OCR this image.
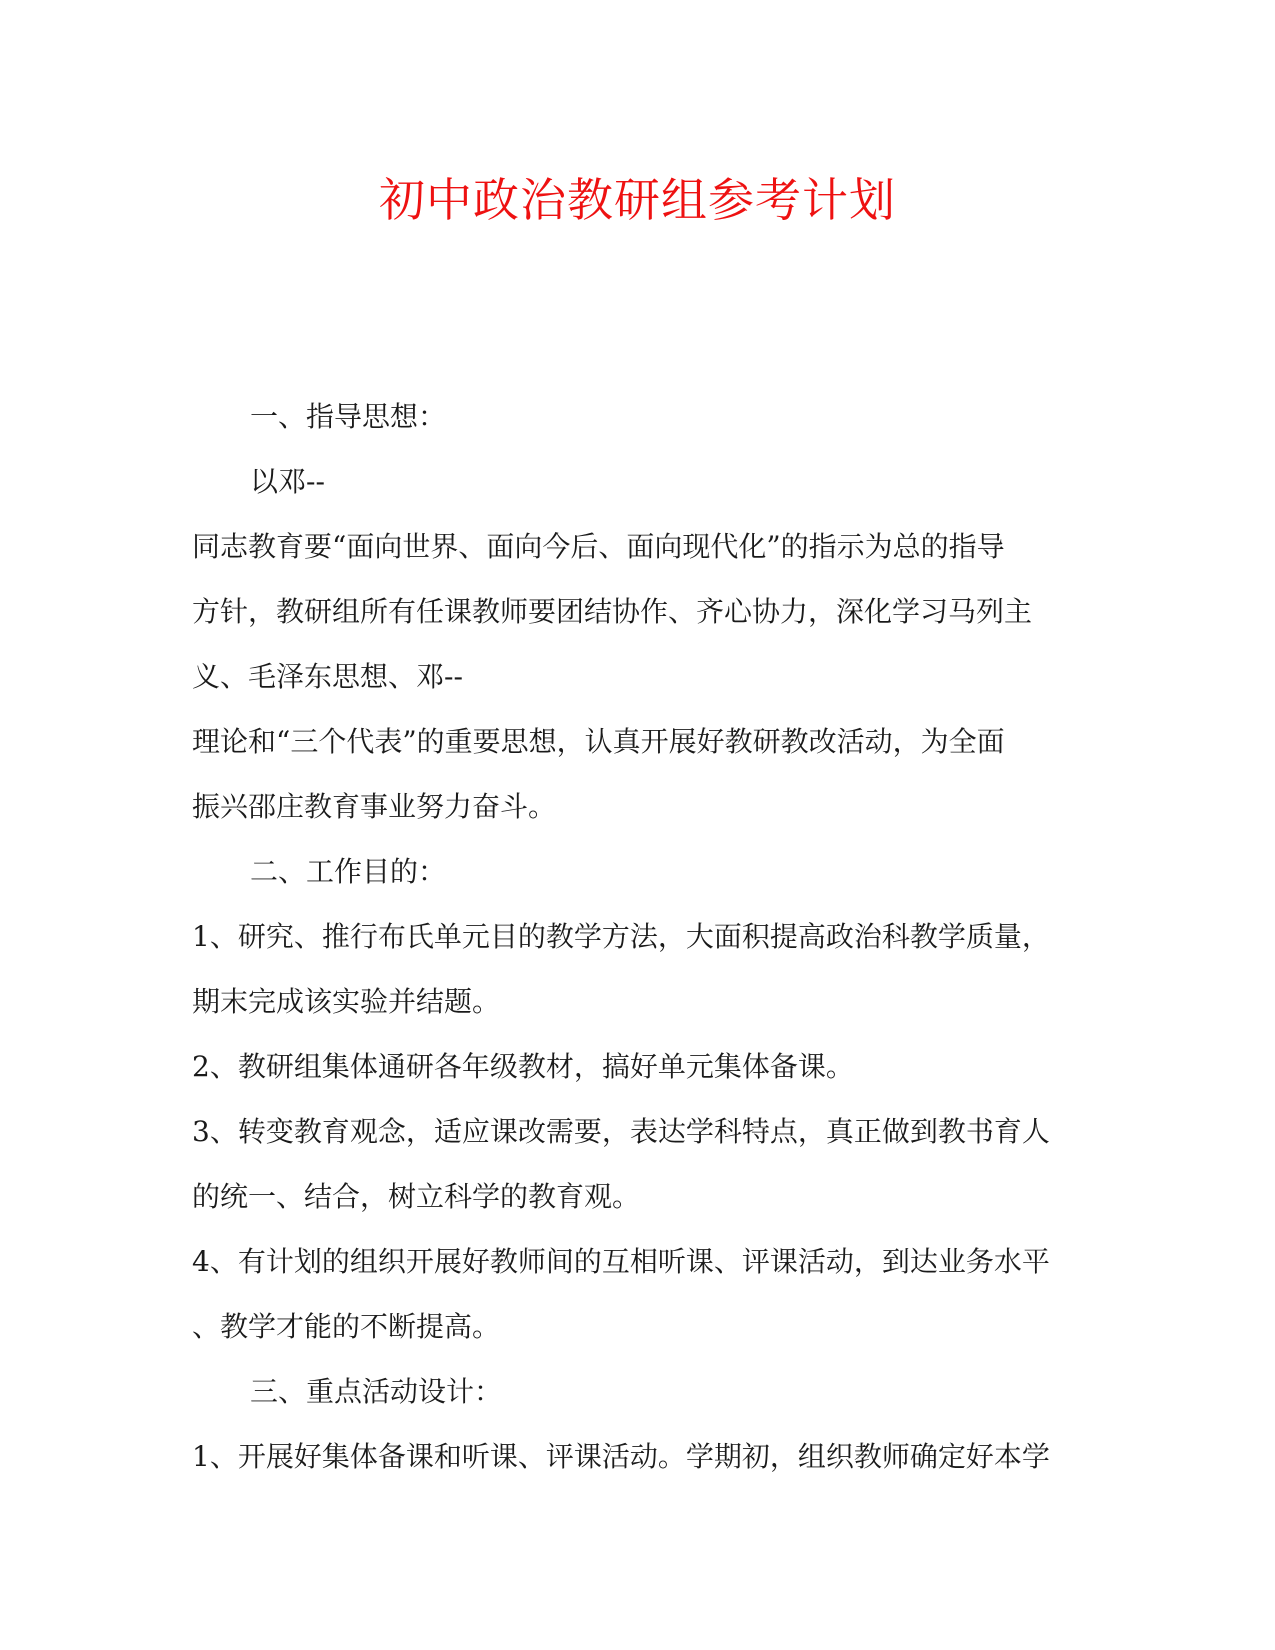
初中政治教研组参考计划

一、指导思想：

以邓--

同志教育要“面向世界、面向今后、面向现代化”的指示为总的指导

方针，教研组所有任课教师要团结协作、齐心协力，深化学习马列主

义、毛泽东思想、邓--

理论和“三个代表”的重要思想，认真开展好教研教改活动，为全面

振兴邵庄教育事业努力奋斗。

二、工作目的：

1、研究、推行布氏单元目的教学方法，大面积提高政治科教学质量，

期末完成该实验并结题。

2、教研组集体通研各年级教材，搞好单元集体备课。

3、转变教育观念，适应课改需要，表达学科特点，真正做到教书育人

的统一、结合，树立科学的教育观。

4、有计划的组织开展好教师间的互相听课、评课活动，到达业务水平

、教学才能的不断提高。

三、重点活动设计：

1、开展好集体备课和听课、评课活动。学期初，组织教师确定好本学
